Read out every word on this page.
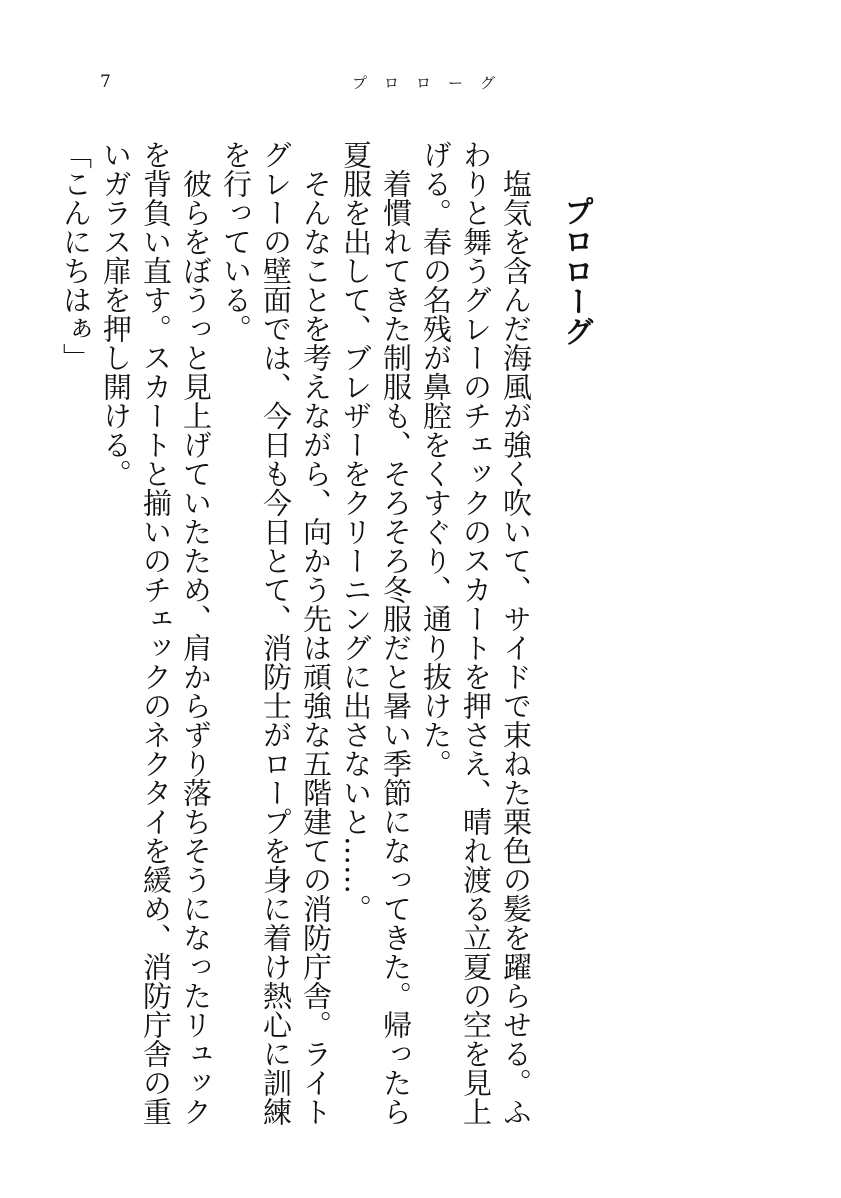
7	プロローグ
プロローグ

　塩気を含んだ海風が強く吹いて、サイドで束ねた栗色の髪を躍らせる。ふわりと舞うグレーのチェックのスカートを押さえ、晴れ渡る立夏の空を見上げる。春の名残が鼻腔をくすぐり、通り抜けた。

　着慣れてきた制服も、そろそろ冬服だと暑い季節になってきた。帰ったら夏服を出して、ブレザーをクリーニングに出さないと……。

　そんなことを考えながら、向かう先は頑強な五階建ての消防庁舎。ライトグレーの壁面では、今日も今日とて、消防士がロープを身に着け熱心に訓練を行っている。

　彼らをぼうっと見上げていたため、肩からずり落ちそうになったリュックを背負い直す。スカートと揃いのチェックのネクタイを緩め、消防庁舎の重いガラス扉を押し開ける。

「こんにちはぁ」
